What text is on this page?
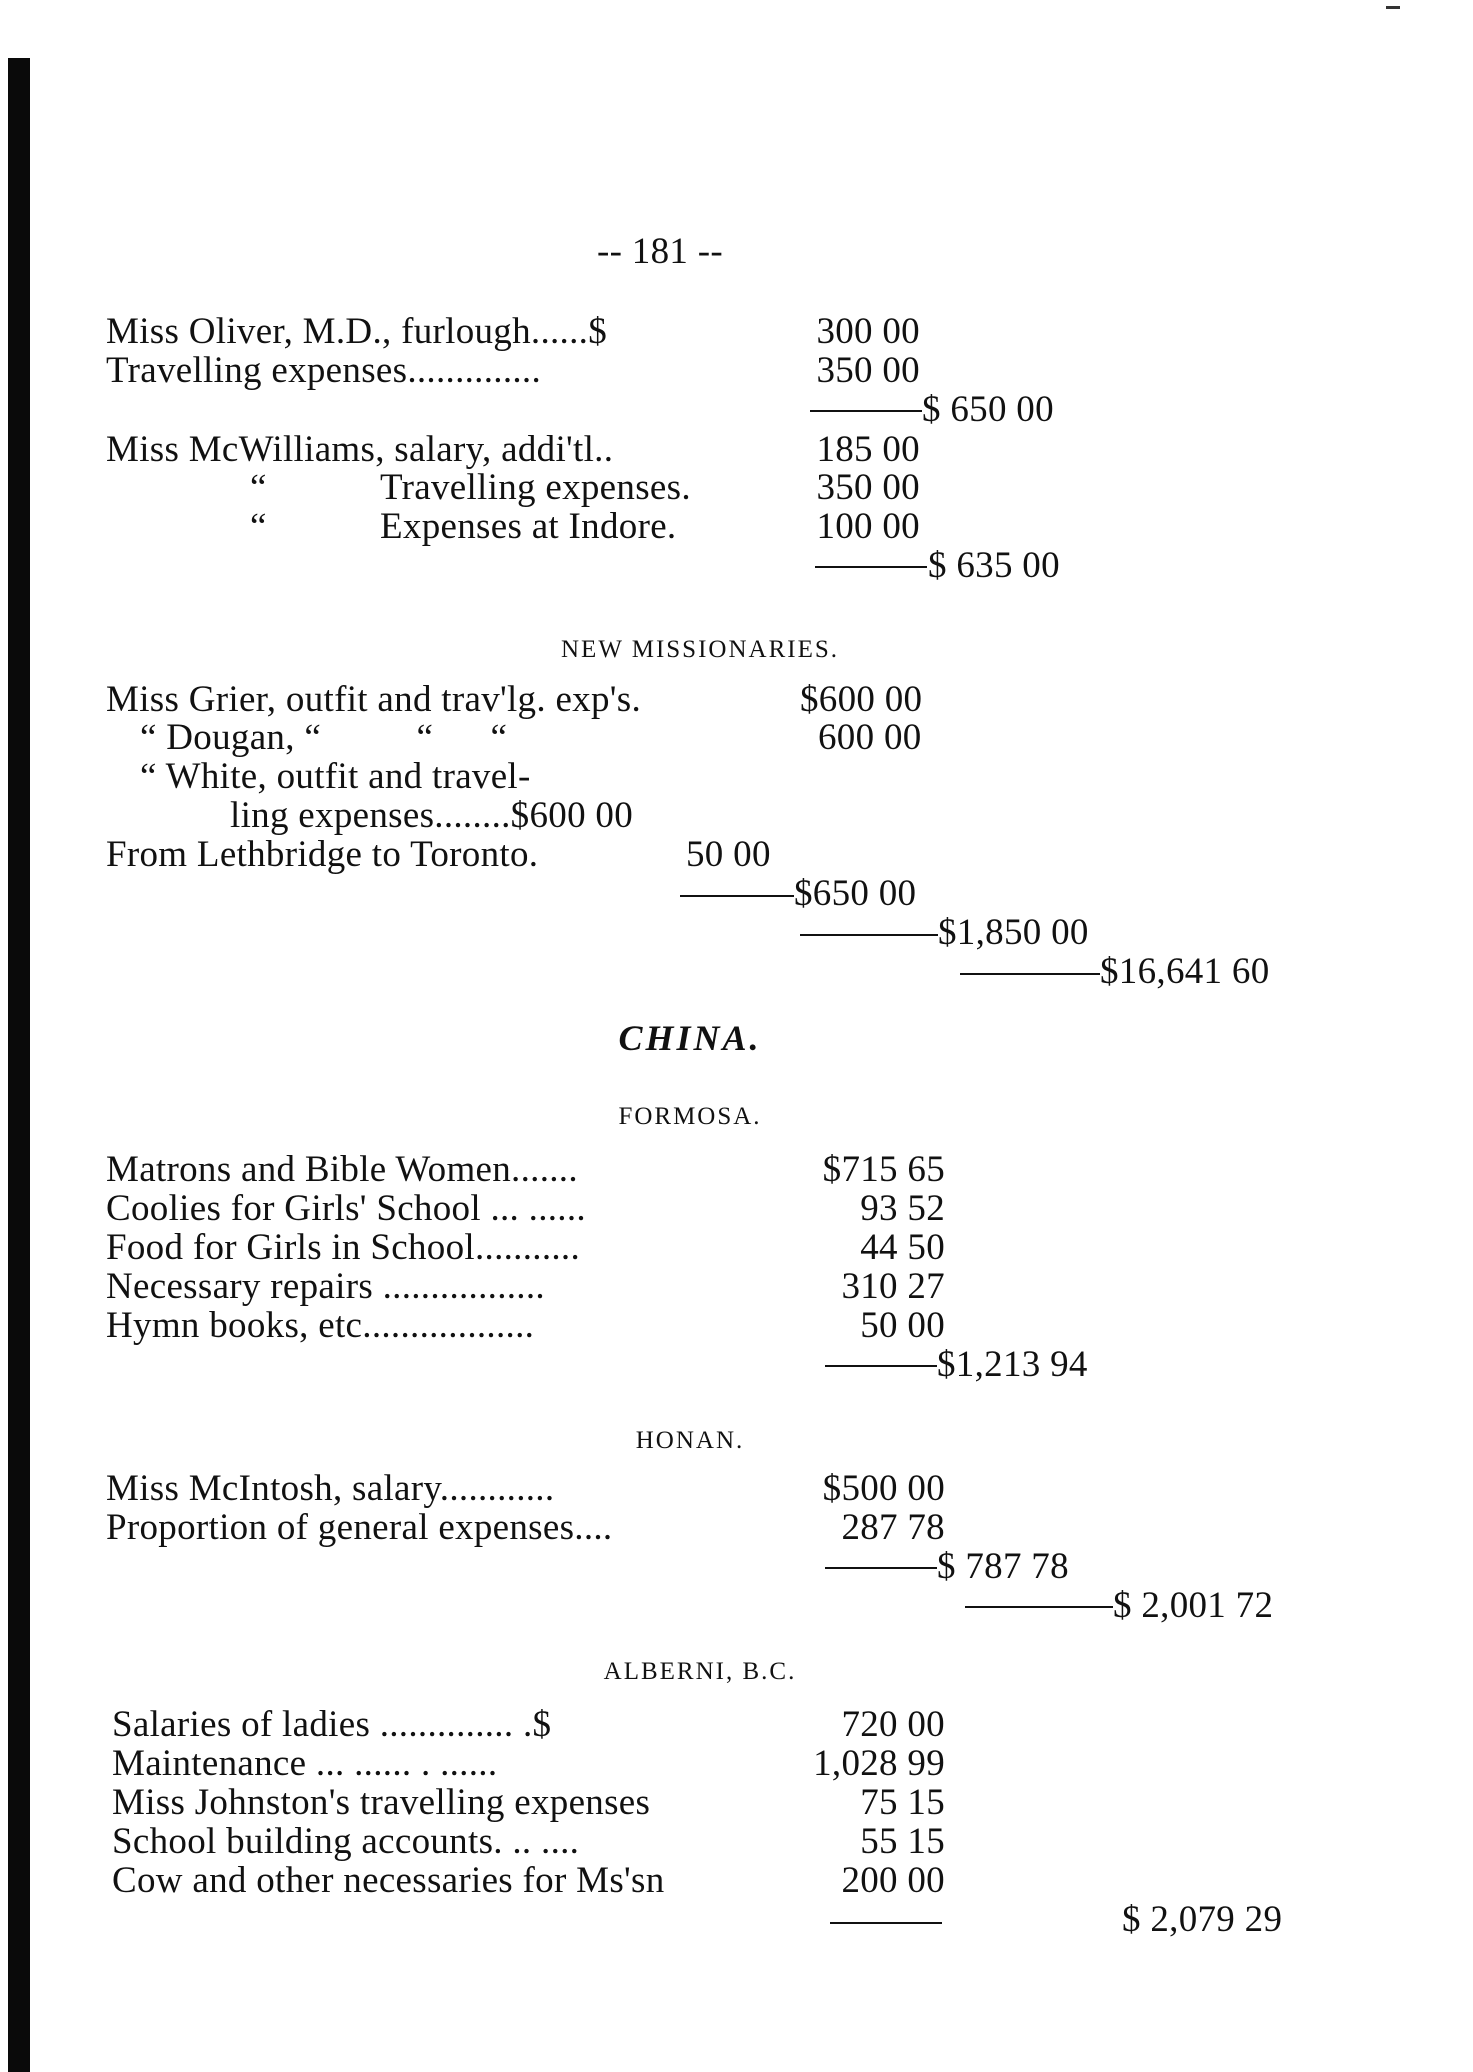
-- 181 --
Miss Oliver, M.D., furlough......$	300 00
Travelling expenses..............	350 00
$ 650 00
Miss McWilliams, salary, addi'tl..	185 00
“	Travelling expenses.	350 00
“	Expenses at Indore.	100 00
$ 635 00
NEW MISSIONARIES.
Miss Grier, outfit and trav'lg. exp's.	$600 00
“ Dougan, “          “      “	600 00
“ White, outfit and travel-
ling expenses........$600 00
From Lethbridge to Toronto.	50 00
$650 00
$1,850 00
$16,641 60
CHINA.
FORMOSA.
Matrons and Bible Women.......	$715 65
Coolies for Girls' School ... ......	93 52
Food for Girls in School...........	44 50
Necessary repairs .................	310 27
Hymn books, etc..................	50 00
$1,213 94
HONAN.
Miss McIntosh, salary............	$500 00
Proportion of general expenses....	287 78
$ 787 78
$ 2,001 72
ALBERNI, B.C.
Salaries of ladies .............. .$	720 00
Maintenance ... ...... . ......	1,028 99
Miss Johnston's travelling expenses	75 15
School building accounts. .. ....	55 15
Cow and other necessaries for Ms'sn	200 00
$ 2,079 29
